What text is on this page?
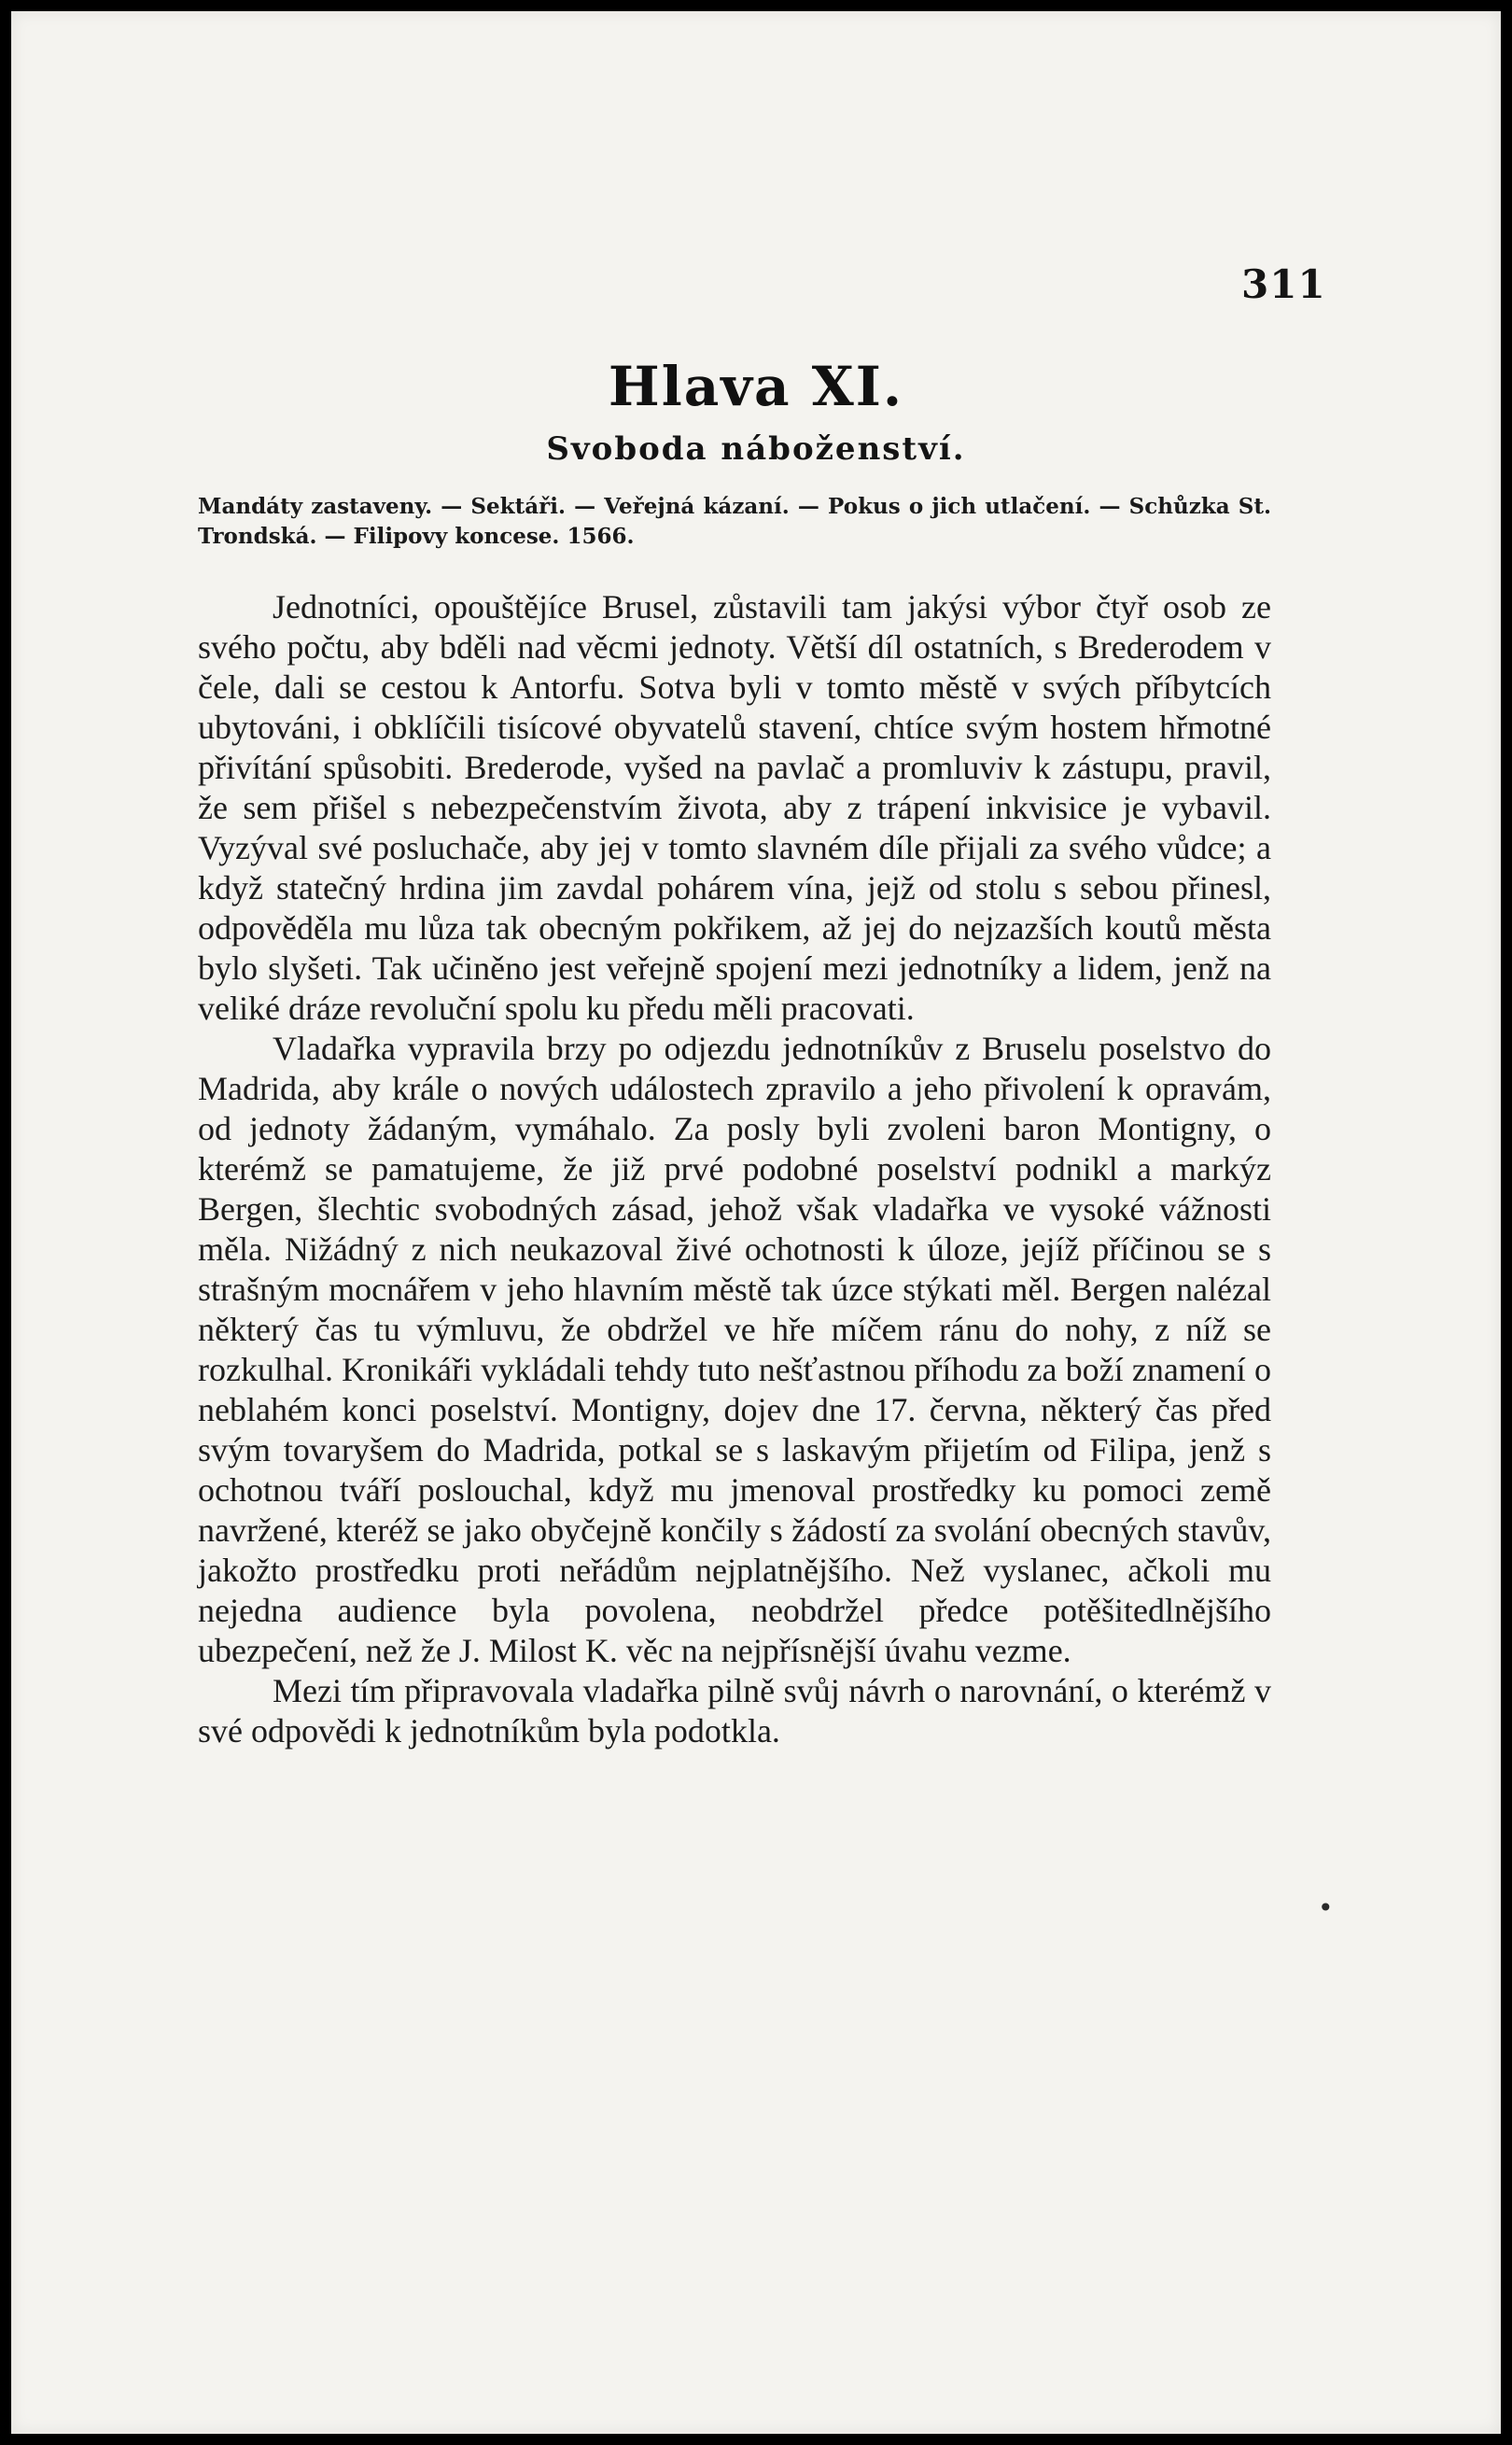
311
Hlava XI.
Svoboda náboženství.
Mandáty zastaveny. — Sektáři. — Veřejná kázaní. — Pokus o jich utlačení. — Schůzka St. Trondská. — Filipovy koncese. 1566.

Jednotníci, opouštějíce Brusel, zůstavili tam jakýsi výbor čtyř osob ze svého počtu, aby bděli nad věcmi jednoty. Větší díl ostatních, s Brederodem v čele, dali se cestou k Antorfu. Sotva byli v tomto městě v svých příbytcích ubytováni, i obklíčili tisícové obyvatelů stavení, chtíce svým hostem hřmotné přivítání spůsobiti. Brederode, vyšed na pavlač a promluviv k zástupu, pravil, že sem přišel s nebezpečenstvím života, aby z trápení inkvisice je vybavil. Vyzýval své posluchače, aby jej v tomto slavném díle přijali za svého vůdce; a když statečný hrdina jim zavdal pohárem vína, jejž od stolu s sebou přinesl, odpověděla mu lůza tak obecným pokřikem, až jej do nejzazších koutů města bylo slyšeti. Tak učiněno jest veřejně spojení mezi jednotníky a lidem, jenž na veliké dráze revoluční spolu ku předu měli pracovati.

Vladařka vypravila brzy po odjezdu jednotníkův z Bruselu poselstvo do Madrida, aby krále o nových událostech zpravilo a jeho přivolení k opravám, od jednoty žádaným, vymáhalo. Za posly byli zvoleni baron Montigny, o kterémž se pamatujeme, že již prvé podobné poselství podnikl a markýz Bergen, šlechtic svobodných zásad, jehož však vladařka ve vysoké vážnosti měla. Nižádný z nich neukazoval živé ochotnosti k úloze, jejíž příčinou se s strašným mocnářem v jeho hlavním městě tak úzce stýkati měl. Bergen nalézal některý čas tu výmluvu, že obdržel ve hře míčem ránu do nohy, z níž se rozkulhal. Kronikáři vykládali tehdy tuto nešťastnou příhodu za boží znamení o neblahém konci poselství. Montigny, dojev dne 17. června, některý čas před svým tovaryšem do Madrida, potkal se s laskavým přijetím od Filipa, jenž s ochotnou tváří poslouchal, když mu jmenoval prostředky ku pomoci země navržené, kteréž se jako obyčejně končily s žádostí za svolání obecných stavův, jakožto prostředku proti neřádům nejplatnějšího. Než vyslanec, ačkoli mu nejedna audience byla povolena, neobdržel předce potěšitedlnějšího ubezpečení, než že J. Milost K. věc na nejpřísnější úvahu vezme.

Mezi tím připravovala vladařka pilně svůj návrh o narovnání, o kterémž v své odpovědi k jednotníkům byla podotkla.

•
